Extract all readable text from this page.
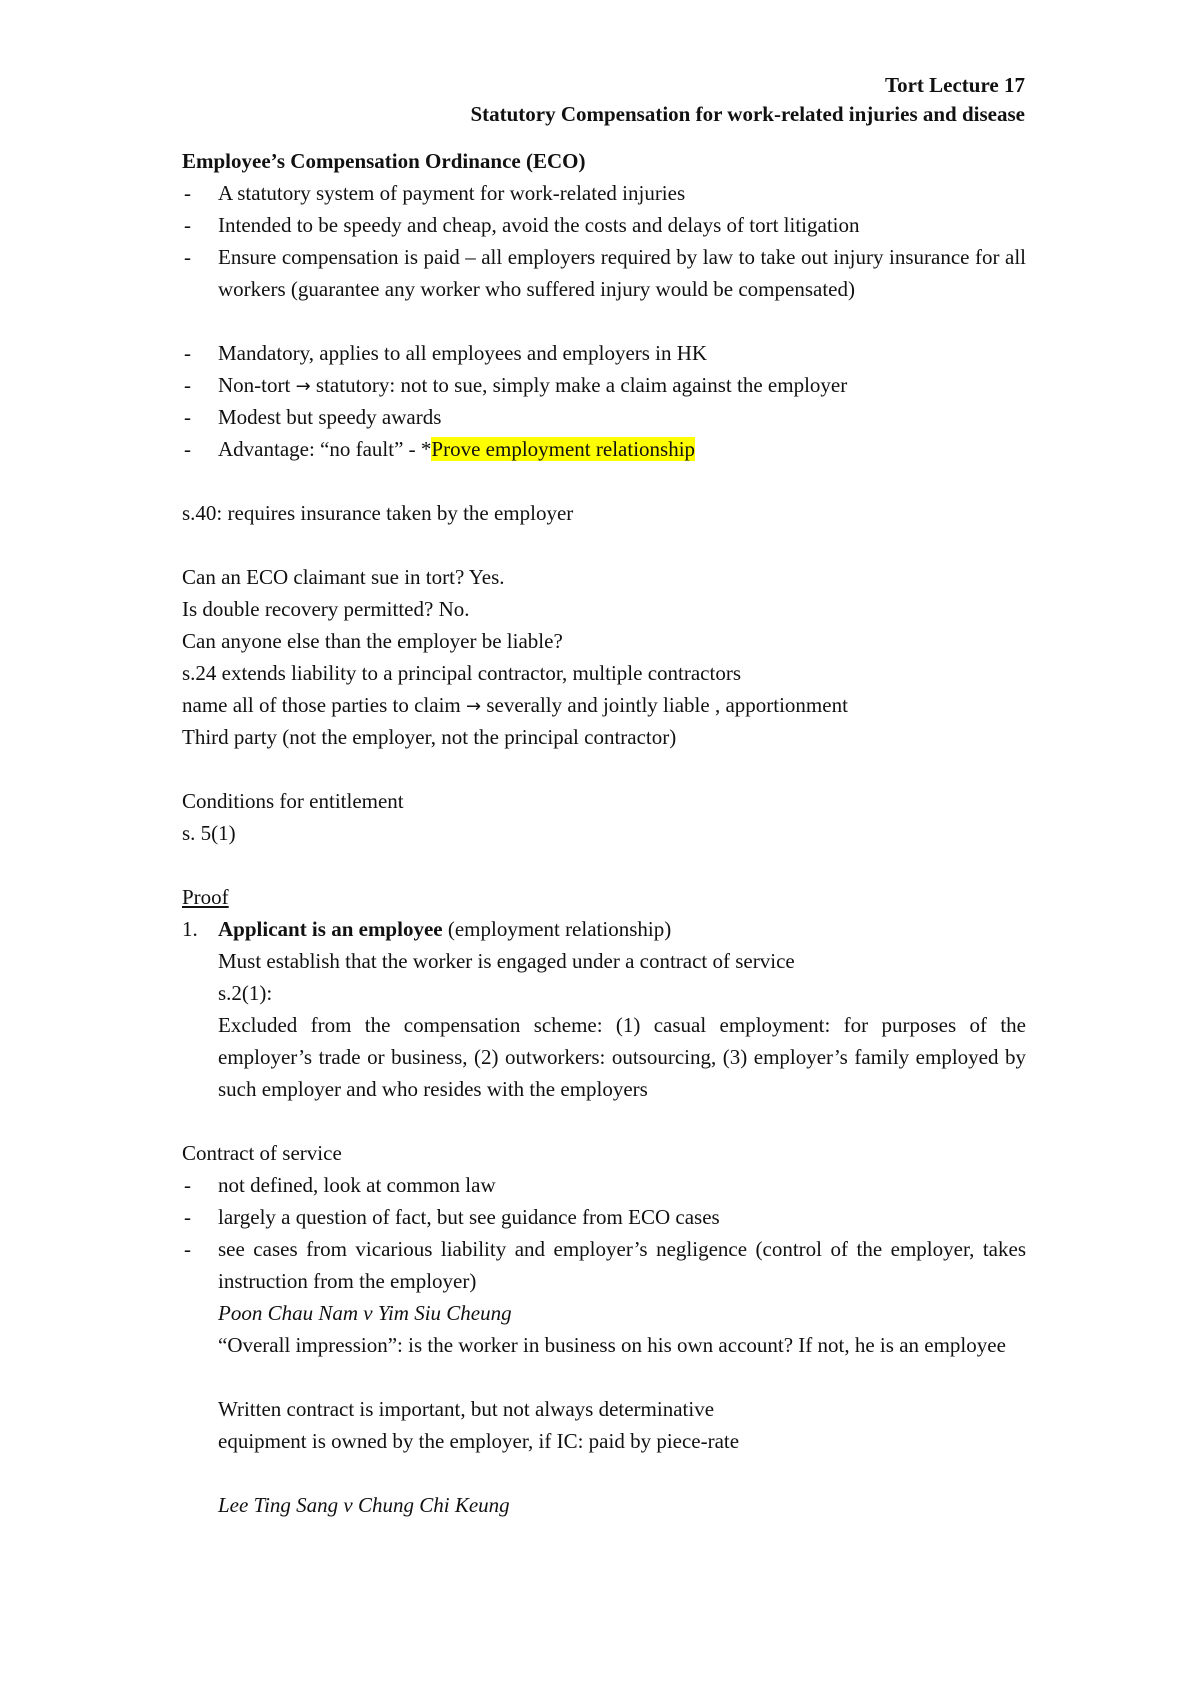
Tort Lecture 17
Statutory Compensation for work-related injuries and disease
Employee’s Compensation Ordinance (ECO)
- A statutory system of payment for work-related injuries
- Intended to be speedy and cheap, avoid the costs and delays of tort litigation
- Ensure compensation is paid – all employers required by law to take out injury insurance for all workers (guarantee any worker who suffered injury would be compensated)
- Mandatory, applies to all employees and employers in HK
- Non-tort → statutory: not to sue, simply make a claim against the employer
- Modest but speedy awards
- Advantage: “no fault” - *Prove employment relationship
s.40: requires insurance taken by the employer
Can an ECO claimant sue in tort? Yes.
Is double recovery permitted? No.
Can anyone else than the employer be liable?
s.24 extends liability to a principal contractor, multiple contractors
name all of those parties to claim → severally and jointly liable , apportionment
Third party (not the employer, not the principal contractor)
Conditions for entitlement
s. 5(1)
Proof
1. Applicant is an employee (employment relationship)
Must establish that the worker is engaged under a contract of service
s.2(1):
Excluded from the compensation scheme: (1) casual employment: for purposes of the employer’s trade or business, (2) outworkers: outsourcing, (3) employer’s family employed by such employer and who resides with the employers
Contract of service
- not defined, look at common law
- largely a question of fact, but see guidance from ECO cases
- see cases from vicarious liability and employer’s negligence (control of the employer, takes instruction from the employer)
Poon Chau Nam v Yim Siu Cheung
“Overall impression”: is the worker in business on his own account? If not, he is an employee
Written contract is important, but not always determinative
equipment is owned by the employer, if IC: paid by piece-rate
Lee Ting Sang v Chung Chi Keung
